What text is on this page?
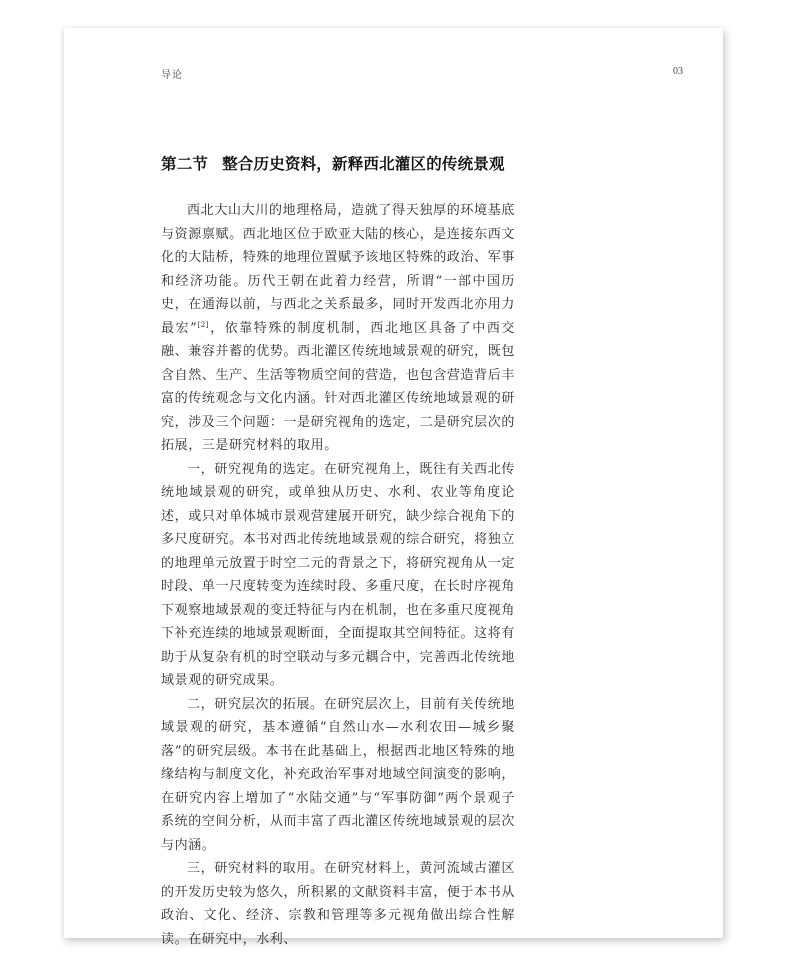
导论	03
第二节 整合历史资料，新释西北灌区的传统景观

西北大山大川的地理格局，造就了得天独厚的环境基底与资源禀赋。西北地区位于欧亚大陆的核心，是连接东西文化的大陆桥，特殊的地理位置赋予该地区特殊的政治、军事和经济功能。历代王朝在此着力经营，所谓“一部中国历史，在通海以前，与西北之关系最多，同时开发西北亦用力最宏”[2]，依靠特殊的制度机制，西北地区具备了中西交融、兼容并蓄的优势。西北灌区传统地域景观的研究，既包含自然、生产、生活等物质空间的营造，也包含营造背后丰富的传统观念与文化内涵。针对西北灌区传统地域景观的研究，涉及三个问题：一是研究视角的选定，二是研究层次的拓展，三是研究材料的取用。

一，研究视角的选定。在研究视角上，既往有关西北传统地域景观的研究，或单独从历史、水利、农业等角度论述，或只对单体城市景观营建展开研究，缺少综合视角下的多尺度研究。本书对西北传统地域景观的综合研究，将独立的地理单元放置于时空二元的背景之下，将研究视角从一定时段、单一尺度转变为连续时段、多重尺度，在长时序视角下观察地域景观的变迁特征与内在机制，也在多重尺度视角下补充连续的地域景观断面，全面提取其空间特征。这将有助于从复杂有机的时空联动与多元耦合中，完善西北传统地域景观的研究成果。

二，研究层次的拓展。在研究层次上，目前有关传统地域景观的研究，基本遵循“自然山水—水利农田—城乡聚落”的研究层级。本书在此基础上，根据西北地区特殊的地缘结构与制度文化，补充政治军事对地域空间演变的影响，在研究内容上增加了“水陆交通”与“军事防御”两个景观子系统的空间分析，从而丰富了西北灌区传统地域景观的层次与内涵。

三，研究材料的取用。在研究材料上，黄河流域古灌区的开发历史较为悠久，所积累的文献资料丰富，便于本书从政治、文化、经济、宗教和管理等多元视角做出综合性解读。在研究中，水利、
